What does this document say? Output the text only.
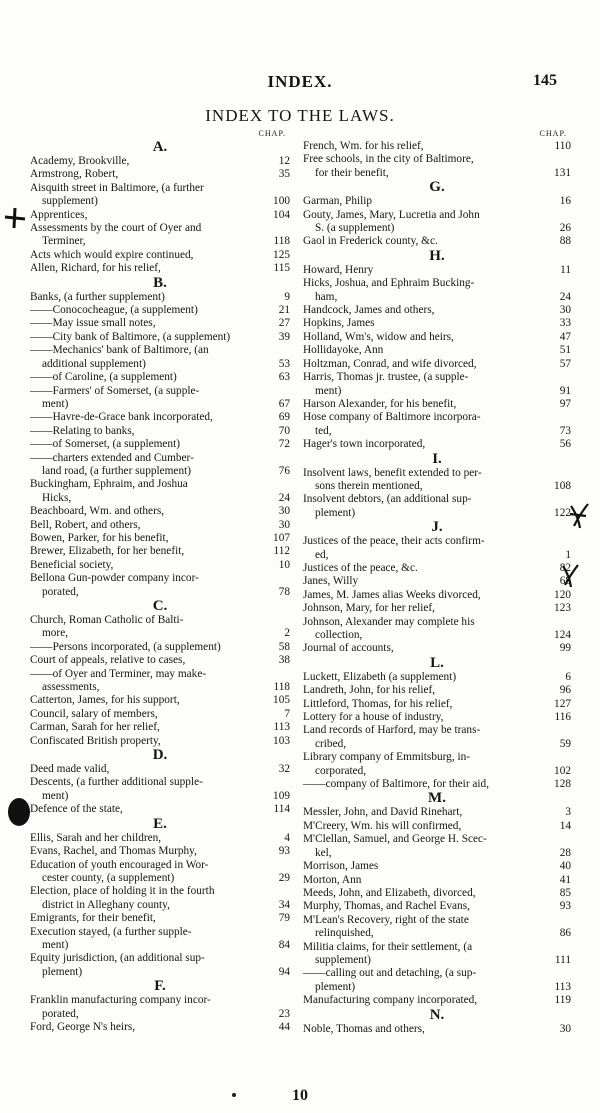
INDEX.	145
INDEX TO THE LAWS.
CHAP.
A.
Academy, Brookville,	12
Armstrong, Robert,	35
Aisquith street in Baltimore, (a further
supplement)	100
Apprentices,	104
Assessments by the court of Oyer and
Terminer,	118
Acts which would expire continued,	125
Allen, Richard, for his relief,	115
B.
Banks, (a further supplement)	9
——Conococheague, (a supplement)	21
——May issue small notes,	27
——City bank of Baltimore, (a supplement)	39
——Mechanics' bank of Baltimore, (an
additional supplement)	53
——of Caroline, (a supplement)	63
——Farmers' of Somerset, (a supple-
ment)	67
——Havre-de-Grace bank incorporated,	69
——Relating to banks,	70
——of Somerset, (a supplement)	72
——charters extended and Cumber-
land road, (a further supplement)	76
Buckingham, Ephraim, and Joshua
Hicks,	24
Beachboard, Wm. and others,	30
Bell, Robert, and others,	30
Bowen, Parker, for his benefit,	107
Brewer, Elizabeth, for her benefit,	112
Beneficial society,	10
Bellona Gun-powder company incor-
porated,	78
C.
Church, Roman Catholic of Balti-
more,	2
——Persons incorporated, (a supplement)	58
Court of appeals, relative to cases,	38
——of Oyer and Terminer, may make-
assessments,	118
Catterton, James, for his support,	105
Council, salary of members,	7
Carman, Sarah for her relief,	113
Confiscated British property,	103
D.
Deed made valid,	32
Descents, (a further additional supple-
ment)	109
Defence of the state,	114
E.
Ellis, Sarah and her children,	4
Evans, Rachel, and Thomas Murphy,	93
Education of youth encouraged in Wor-
cester county, (a supplement)	29
Election, place of holding it in the fourth
district in Alleghany county,	34
Emigrants, for their benefit,	79
Execution stayed, (a further supple-
ment)	84
Equity jurisdiction, (an additional sup-
plement)	94
F.
Franklin manufacturing company incor-
porated,	23
Ford, George N's heirs,	44
CHAP.
French, Wm. for his relief,	110
Free schools, in the city of Baltimore,
for their benefit,	131
G.
Garman, Philip	16
Gouty, James, Mary, Lucretia and John
S. (a supplement)	26
Gaol in Frederick county, &c.	88
H.
Howard, Henry	11
Hicks, Joshua, and Ephraim Bucking-
ham,	24
Handcock, James and others,	30
Hopkins, James	33
Holland, Wm's, widow and heirs,	47
Hollidayoke, Ann	51
Holtzman, Conrad, and wife divorced,	57
Harris, Thomas jr. trustee, (a supple-
ment)	91
Harson Alexander, for his benefit,	97
Hose company of Baltimore incorpora-
ted,	73
Hager's town incorporated,	56
I.
Insolvent laws, benefit extended to per-
sons therein mentioned,	108
Insolvent debtors, (an additional sup-
plement)	122
J.
Justices of the peace, their acts confirm-
ed,	1
Justices of the peace, &c.	82
Janes, Willy	68
James, M. James alias Weeks divorced,	120
Johnson, Mary, for her relief,	123
Johnson, Alexander may complete his
collection,	124
Journal of accounts,	99
L.
Luckett, Elizabeth (a supplement)	6
Landreth, John, for his relief,	96
Littleford, Thomas, for his relief,	127
Lottery for a house of industry,	116
Land records of Harford, may be trans-
cribed,	59
Library company of Emmitsburg, in-
corporated,	102
——company of Baltimore, for their aid,	128
M.
Messler, John, and David Rinehart,	3
M'Creery, Wm. his will confirmed,	14
M'Clellan, Samuel, and George H. Scec-
kel,	28
Morrison, James	40
Morton, Ann	41
Meeds, John, and Elizabeth, divorced,	85
Murphy, Thomas, and Rachel Evans,	93
M'Lean's Recovery, right of the state
relinquished,	86
Militia claims, for their settlement, (a
supplement)	111
——calling out and detaching, (a sup-
plement)	113
Manufacturing company incorporated,	119
N.
Noble, Thomas and others,	30
10
